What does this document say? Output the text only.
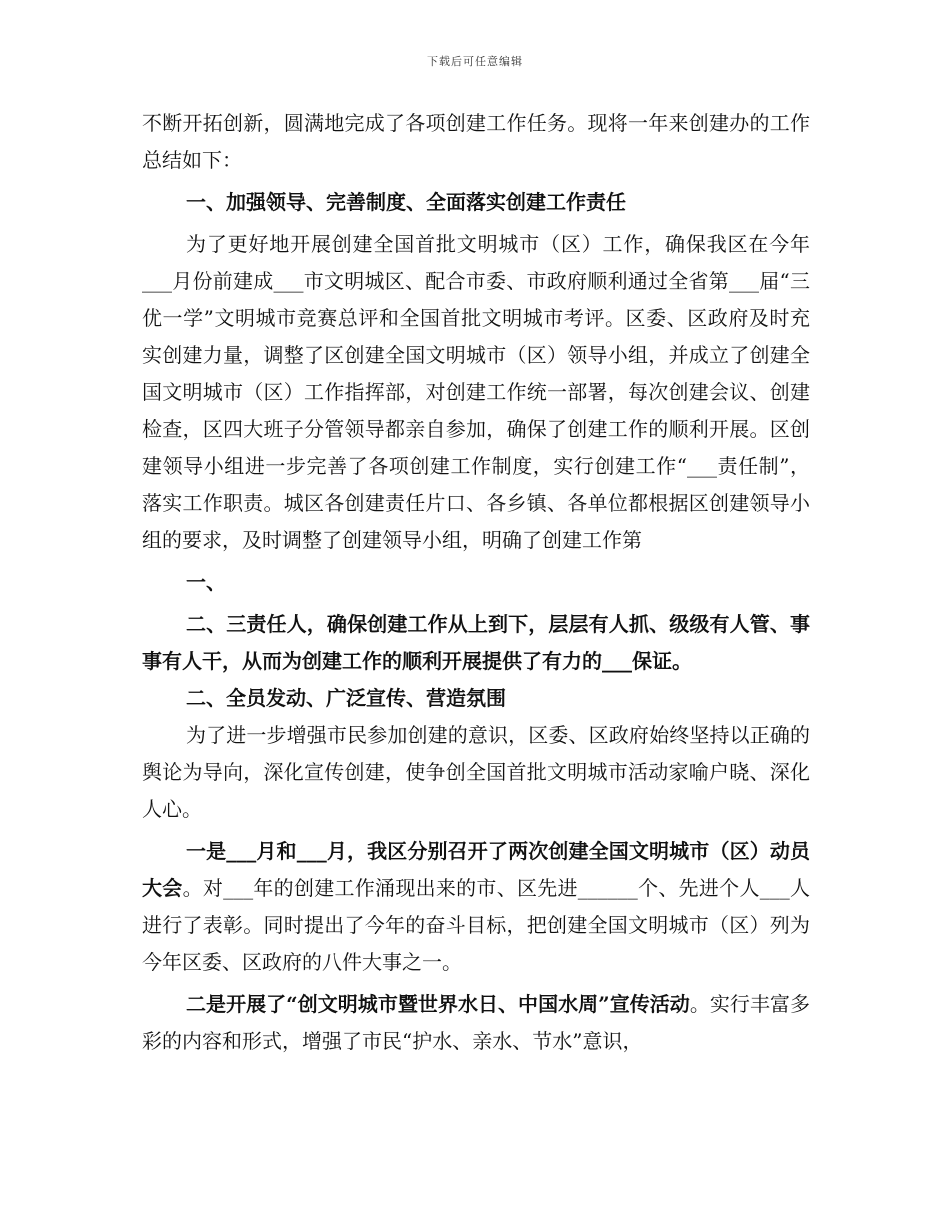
下载后可任意编辑

不断开拓创新，圆满地完成了各项创建工作任务。现将一年来创建办的工作总结如下：

一、加强领导、完善制度、全面落实创建工作责任

为了更好地开展创建全国首批文明城市（区）工作，确保我区在今年___月份前建成___市文明城区、配合市委、市政府顺利通过全省第___届“三优一学”文明城市竞赛总评和全国首批文明城市考评。区委、区政府及时充实创建力量，调整了区创建全国文明城市（区）领导小组，并成立了创建全国文明城市（区）工作指挥部，对创建工作统一部署，每次创建会议、创建检查，区四大班子分管领导都亲自参加，确保了创建工作的顺利开展。区创建领导小组进一步完善了各项创建工作制度，实行创建工作“___责任制”，落实工作职责。城区各创建责任片口、各乡镇、各单位都根据区创建领导小组的要求，及时调整了创建领导小组，明确了创建工作第

一、

二、三责任人，确保创建工作从上到下，层层有人抓、级级有人管、事事有人干，从而为创建工作的顺利开展提供了有力的___保证。

二、全员发动、广泛宣传、营造氛围

为了进一步增强市民参加创建的意识，区委、区政府始终坚持以正确的舆论为导向，深化宣传创建，使争创全国首批文明城市活动家喻户晓、深化人心。

一是___月和___月，我区分别召开了两次创建全国文明城市（区）动员大会。对___年的创建工作涌现出来的市、区先进______个、先进个人___人进行了表彰。同时提出了今年的奋斗目标，把创建全国文明城市（区）列为今年区委、区政府的八件大事之一。

二是开展了“创文明城市暨世界水日、中国水周”宣传活动。实行丰富多彩的内容和形式，增强了市民“护水、亲水、节水”意识，
